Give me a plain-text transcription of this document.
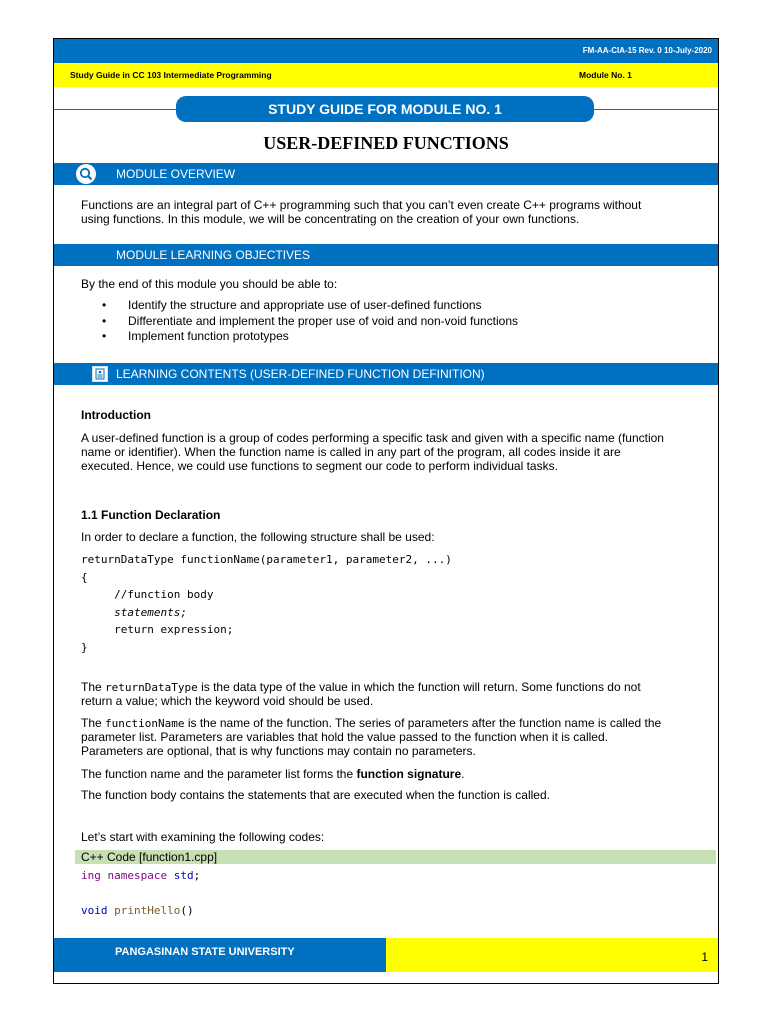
FM-AA-CIA-15 Rev. 0 10-July-2020
Study Guide in CC 103 Intermediate Programming	Module No. 1
STUDY GUIDE FOR MODULE NO. 1
USER-DEFINED FUNCTIONS
MODULE OVERVIEW
Functions are an integral part of C++ programming such that you can’t even create C++ programs without
using functions. In this module, we will be concentrating on the creation of your own functions.
MODULE LEARNING OBJECTIVES
By the end of this module you should be able to:
• Identify the structure and appropriate use of user-defined functions
• Differentiate and implement the proper use of void and non-void functions
• Implement function prototypes
LEARNING CONTENTS (USER-DEFINED FUNCTION DEFINITION)
Introduction
A user-defined function is a group of codes performing a specific task and given with a specific name (function
name or identifier). When the function name is called in any part of the program, all codes inside it are
executed. Hence, we could use functions to segment our code to perform individual tasks.
1.1 Function Declaration
In order to declare a function, the following structure shall be used:
returnDataType functionName(parameter1, parameter2, ...)
{
//function body
statements;
return expression;
}
The returnDataType is the data type of the value in which the function will return. Some functions do not
return a value; which the keyword void should be used.
The functionName is the name of the function. The series of parameters after the function name is called the
parameter list. Parameters are variables that hold the value passed to the function when it is called.
Parameters are optional, that is why functions may contain no parameters.
The function name and the parameter list forms the function signature.
The function body contains the statements that are executed when the function is called.
Let’s start with examining the following codes:
C++ Code [function1.cpp]
ing namespace std;
void printHello()
PANGASINAN STATE UNIVERSITY	1
